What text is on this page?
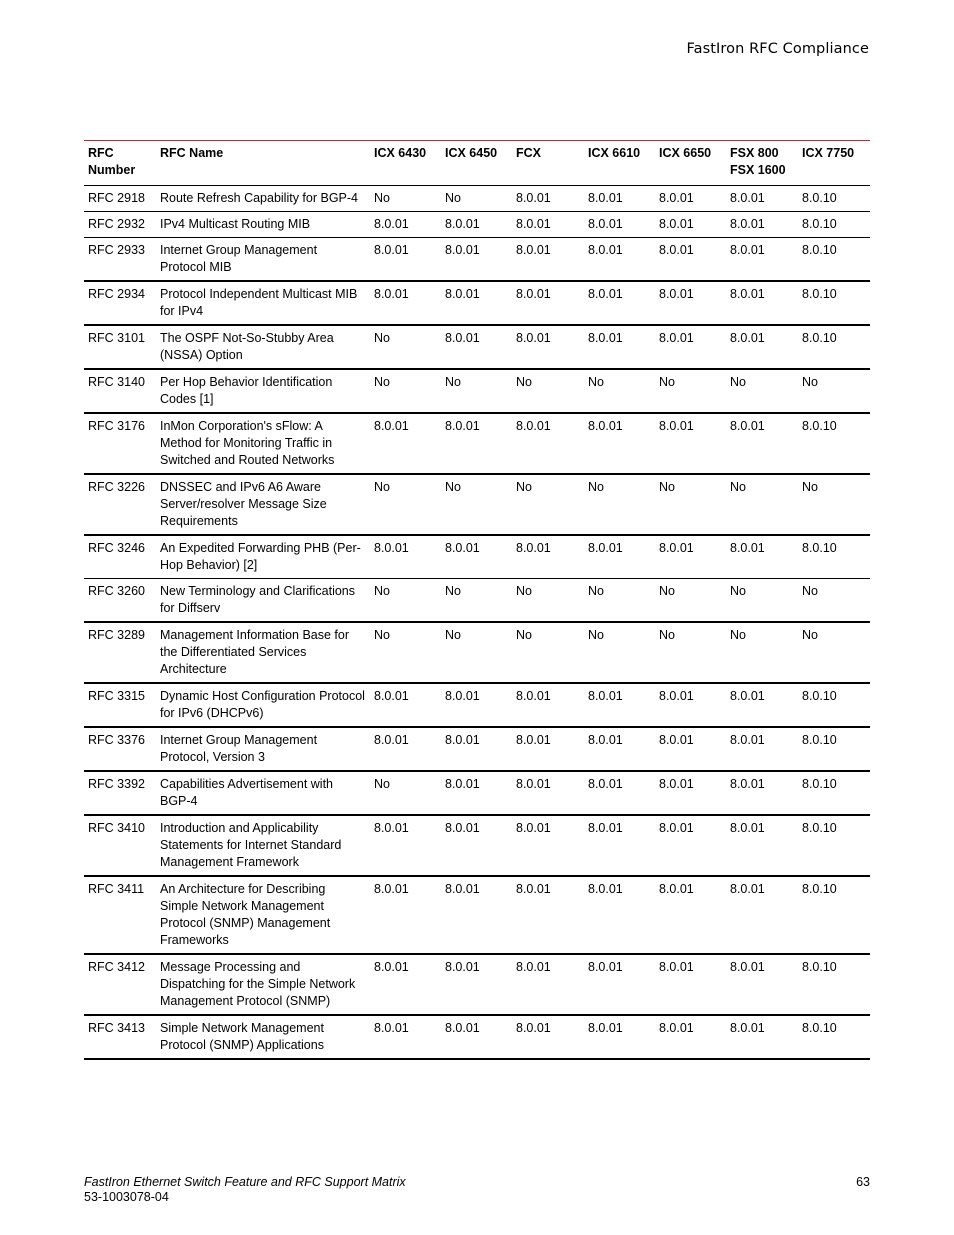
FastIron RFC Compliance
RFC Number	RFC Name	ICX 6430	ICX 6450	FCX	ICX 6610	ICX 6650	FSX 800 FSX 1600	ICX 7750
RFC 2918	Route Refresh Capability for BGP-4	No	No	8.0.01	8.0.01	8.0.01	8.0.01	8.0.10
RFC 2932	IPv4 Multicast Routing MIB	8.0.01	8.0.01	8.0.01	8.0.01	8.0.01	8.0.01	8.0.10
RFC 2933	Internet Group Management Protocol MIB	8.0.01	8.0.01	8.0.01	8.0.01	8.0.01	8.0.01	8.0.10
RFC 2934	Protocol Independent Multicast MIB for IPv4	8.0.01	8.0.01	8.0.01	8.0.01	8.0.01	8.0.01	8.0.10
RFC 3101	The OSPF Not-So-Stubby Area (NSSA) Option	No	8.0.01	8.0.01	8.0.01	8.0.01	8.0.01	8.0.10
RFC 3140	Per Hop Behavior Identification Codes [1]	No	No	No	No	No	No	No
RFC 3176	InMon Corporation's sFlow: A Method for Monitoring Traffic in Switched and Routed Networks	8.0.01	8.0.01	8.0.01	8.0.01	8.0.01	8.0.01	8.0.10
RFC 3226	DNSSEC and IPv6 A6 Aware Server/resolver Message Size Requirements	No	No	No	No	No	No	No
RFC 3246	An Expedited Forwarding PHB (Per-Hop Behavior) [2]	8.0.01	8.0.01	8.0.01	8.0.01	8.0.01	8.0.01	8.0.10
RFC 3260	New Terminology and Clarifications for Diffserv	No	No	No	No	No	No	No
RFC 3289	Management Information Base for the Differentiated Services Architecture	No	No	No	No	No	No	No
RFC 3315	Dynamic Host Configuration Protocol for IPv6 (DHCPv6)	8.0.01	8.0.01	8.0.01	8.0.01	8.0.01	8.0.01	8.0.10
RFC 3376	Internet Group Management Protocol, Version 3	8.0.01	8.0.01	8.0.01	8.0.01	8.0.01	8.0.01	8.0.10
RFC 3392	Capabilities Advertisement with BGP-4	No	8.0.01	8.0.01	8.0.01	8.0.01	8.0.01	8.0.10
RFC 3410	Introduction and Applicability Statements for Internet Standard Management Framework	8.0.01	8.0.01	8.0.01	8.0.01	8.0.01	8.0.01	8.0.10
RFC 3411	An Architecture for Describing Simple Network Management Protocol (SNMP) Management Frameworks	8.0.01	8.0.01	8.0.01	8.0.01	8.0.01	8.0.01	8.0.10
RFC 3412	Message Processing and Dispatching for the Simple Network Management Protocol (SNMP)	8.0.01	8.0.01	8.0.01	8.0.01	8.0.01	8.0.01	8.0.10
RFC 3413	Simple Network Management Protocol (SNMP) Applications	8.0.01	8.0.01	8.0.01	8.0.01	8.0.01	8.0.01	8.0.10
FastIron Ethernet Switch Feature and RFC Support Matrix
53-1003078-04
63
